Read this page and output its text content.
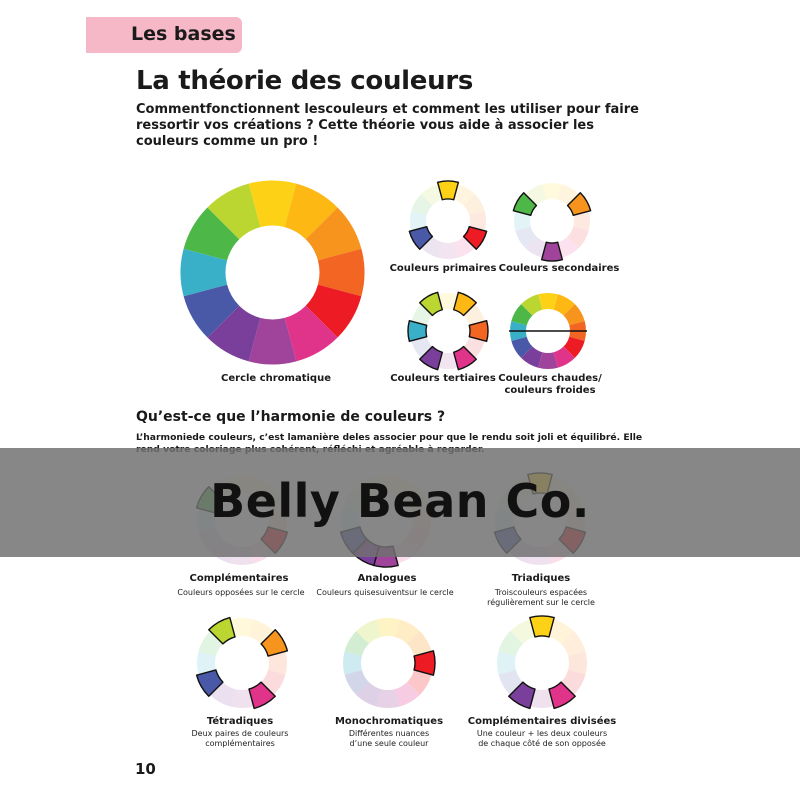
Les bases
La théorie des couleurs

Commentfonctionnent lescouleurs et comment les utiliser pour faire ressortir vos créations ? Cette théorie vous aide à associer les couleurs comme un pro !

Cercle chromatique
Couleurs primaires Couleurs secondaires
Couleurs tertiaires Couleurs chaudes/
couleurs froides
Qu’est-ce que l’harmonie de couleurs ?

L’harmoniede couleurs, c’est lamanière deles associer pour que le rendu soit joli et équilibré. Elle

Complémentaires
Couleurs opposées sur le cercle
Analogues
Couleurs quisesuiventsur le cercle
Triadiques
Troiscouleurs espacées
régulièrement sur le cercle
Tétradiques
Deux paires de couleurs
complémentaires
Monochromatiques
Différentes nuances
d’une seule couleur
Complémentaires divisées
Une couleur + les deux couleurs
de chaque côté de son opposée
Belly Bean Co.
10
